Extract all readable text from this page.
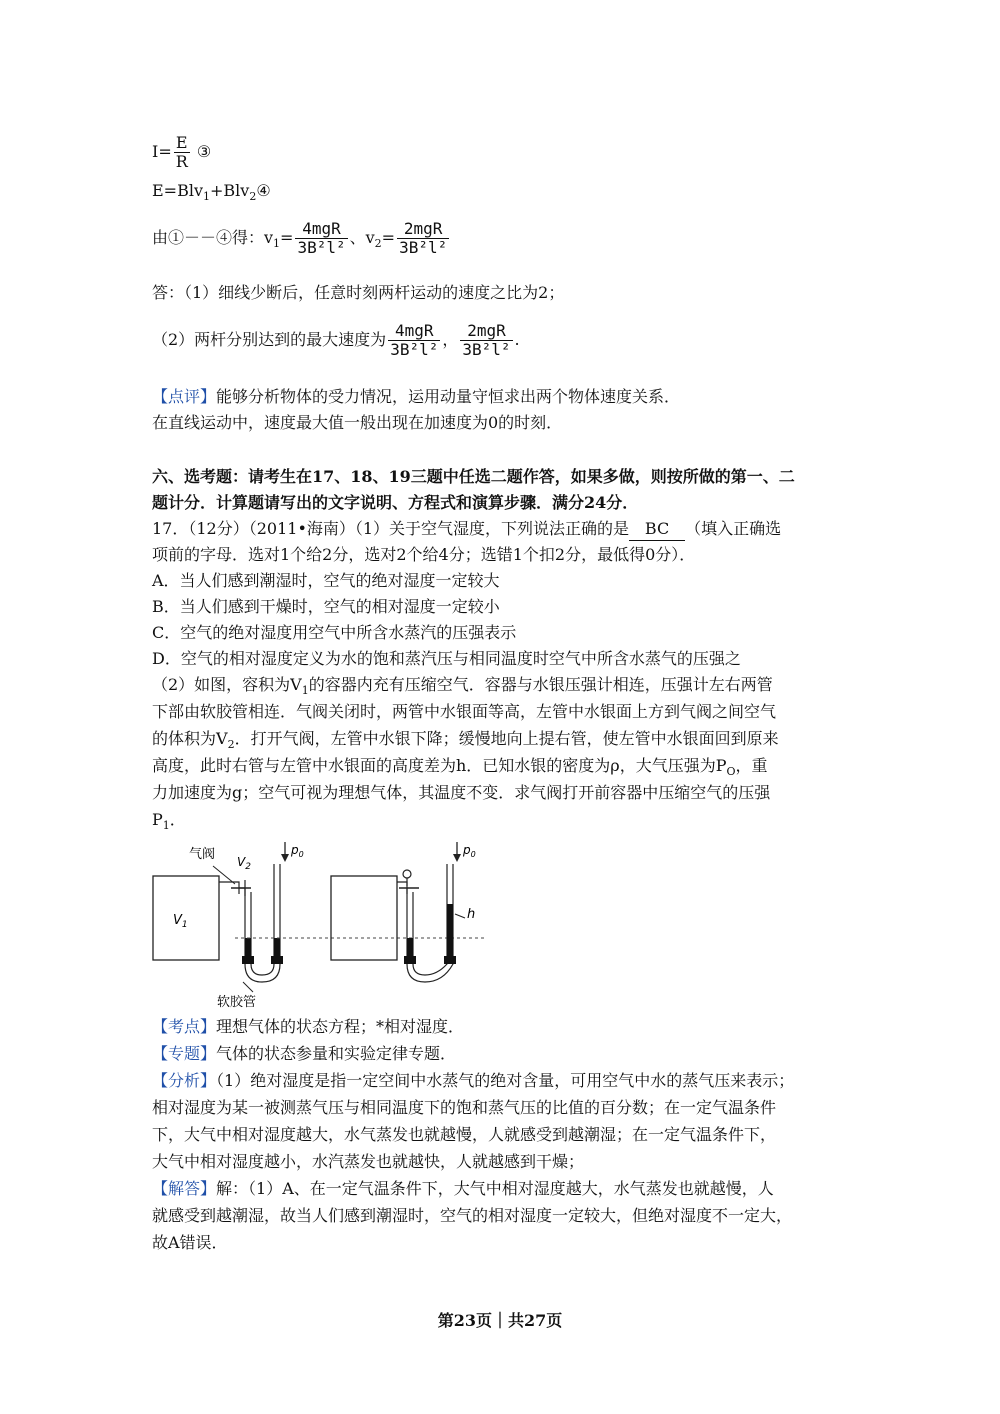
$I= \frac{E}{R}$ ③
E=Blv$_1$+Blv$_2$④
由①－－④得：$v_1= \frac{\text{4mgR}}{\text{3B²l²}}$ 、$v_2= \frac{\text{2mgR}}{\text{3B²l²}}$
答：（1）细线少断后，任意时刻两杆运动的速度之比为2；
（2）两杆分别达到的最大速度为 $\frac{\text{4mgR}}{\text{3B²l²}}$ ， $\frac{\text{2mgR}}{\text{3B²l²}}$ .
【点评】能够分析物体的受力情况，运用动量守恒求出两个物体速度关系．
在直线运动中，速度最大值一般出现在加速度为0的时刻．
六、选考题：请考生在17、18、19三题中任选二题作答，如果多做，则按所做的第一、二
题计分．计算题请写出的文字说明、方程式和演算步骤．满分24分．
17．（12分）（2011•海南）（1）关于空气湿度，下列说法正确的是 BC （填入正确选
项前的字母．选对1个给2分，选对2个给4分；选错1个扣2分，最低得0分）．
A．当人们感到潮湿时，空气的绝对湿度一定较大
B．当人们感到干燥时，空气的相对湿度一定较小
C．空气的绝对湿度用空气中所含水蒸汽的压强表示
D．空气的相对湿度定义为水的饱和蒸汽压与相同温度时空气中所含水蒸气的压强之
（2）如图，容积为$V_1$的容器内充有压缩空气．容器与水银压强计相连，压强计左右两管
下部由软胶管相连．气阀关闭时，两管中水银面等高，左管中水银面上方到气阀之间空气
的体积为$V_2$．打开气阀，左管中水银下降；缓慢地向上提右管，使左管中水银面回到原来
高度，此时右管与左管中水银面的高度差为h．已知水银的密度为ρ，大气压强为$P_O$，重
力加速度为g；空气可视为理想气体，其温度不变．求气阀打开前容器中压缩空气的压强
$P_1$．
$V_1$
气阀 $V_2$
$p_0$
软胶管
$p_0$
h
【考点】理想气体的状态方程；*相对湿度．
【专题】气体的状态参量和实验定律专题．
【分析】（1）绝对湿度是指一定空间中水蒸气的绝对含量，可用空气中水的蒸气压来表示；
相对湿度为某一被测蒸气压与相同温度下的饱和蒸气压的比值的百分数；在一定气温条件
下，大气中相对湿度越大，水气蒸发也就越慢，人就感受到越潮湿；在一定气温条件下，
大气中相对湿度越小，水汽蒸发也就越快，人就越感到干燥；
【解答】解：（1）A、在一定气温条件下，大气中相对湿度越大，水气蒸发也就越慢，人
就感受到越潮湿，故当人们感到潮湿时，空气的相对湿度一定较大，但绝对湿度不一定大，
故A错误．
第23页｜共27页
